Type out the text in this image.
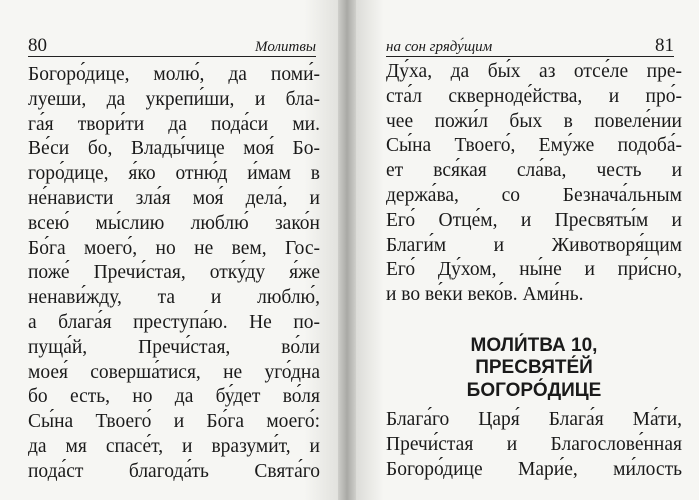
80	Молитвы
Богоро́дице, молю́, да поми́-
луеши, да укрепи́ши, и бла-
га́я твори́ти да пода́си ми.
Ве́си бо, Влады́чице моя́ Бо-
горо́дице, я́ко отню́д и́мам в
не́нависти зла́я моя́ дела́, и
всею́ мы́слию люблю́ зако́н
Бо́га моего́, но не вем, Гос-
поже́ Пречи́стая, отку́ду я́же
ненави́жду, та и люблю́,
а блага́я преступа́ю. Не по-
пуща́й, Пречи́стая, во́ли
моея́ соверша́тися, не уго́дна
бо есть, но да бу́дет во́ля
Сы́на Твоего́ и Бо́га моего́:
да мя спасе́т, и вразуми́т, и
пода́ст благода́ть Свята́го
на сон гряду́щим	81
Ду́ха, да бы́х аз отсе́ле пре-
ста́л скверноде́йства, и про́-
чее пожи́л бых в повеле́нии
Сы́на Твоего́, Ему́же подоба́-
ет вся́кая сла́ва, честь и
держа́ва, со Безнача́льным
Его́ Отце́м, и Пресвяты́м и
Благи́м и Животворя́щим
Его́ Ду́хом, ны́не и при́сно,
и во ве́ки веко́в. Ами́нь.
МОЛИ́ТВА 10,
ПРЕСВЯТЕ́Й
БОГОРО́ДИЦЕ
Блага́го Царя́ Блага́я Ма́ти,
Пречи́стая и Благослове́нная
Богоро́дице Мари́е, ми́лость
